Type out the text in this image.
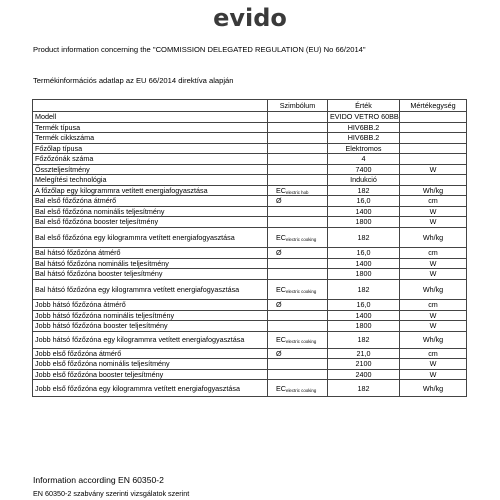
evido
Product information concerning the "COMMISSION DELEGATED REGULATION (EU) No 66/2014"
Termékinformációs adatlap az EU 66/2014 direktíva alapján
	Szimbólum	Érték	Mértékegység
Modell		EVIDO VETRO 60BB	
Termék típusa		HIV6BB.2	
Termék cikkszáma		HIV6BB.2	
Főzőlap típusa		Elektromos	
Főzőzónák száma		4	
Összteljesítmény		7400	W
Melegítési technológia		Indukció	
A főzőlap egy kilogrammra vetített energiafogyasztása	$EC_{electric hob}$	182	Wh/kg
Bal első főzőzóna átmérő	Ø	16,0	cm
Bal első főzőzóna nominális teljesítmény		1400	W
Bal első főzőzóna booster teljesítmény		1800	W
Bal első főzőzóna egy kilogrammra vetített energiafogyasztása	$EC_{electric cooking}$	182	Wh/kg
Bal hátsó főzőzóna átmérő	Ø	16,0	cm
Bal hátsó főzőzóna nominális teljesítmény		1400	W
Bal hátsó főzőzóna booster teljesítmény		1800	W
Bal hátsó főzőzóna egy kilogrammra vetített energiafogyasztása	$EC_{electric cooking}$	182	Wh/kg
Jobb hátsó főzőzóna átmérő	Ø	16,0	cm
Jobb hátsó főzőzóna nominális teljesítmény		1400	W
Jobb hátsó főzőzóna booster teljesítmény		1800	W
Jobb hátsó főzőzóna egy kilogrammra vetített energiafogyasztása	$EC_{electric cooking}$	182	Wh/kg
Jobb első főzőzóna átmérő	Ø	21,0	cm
Jobb első főzőzóna nominális teljesítmény		2100	W
Jobb első főzőzóna booster teljesítmény		2400	W
Jobb első főzőzóna egy kilogrammra vetített energiafogyasztása	$EC_{electric cooking}$	182	Wh/kg
Information according EN 60350-2
EN 60350-2 szabvány szerinti vizsgálatok szerint
